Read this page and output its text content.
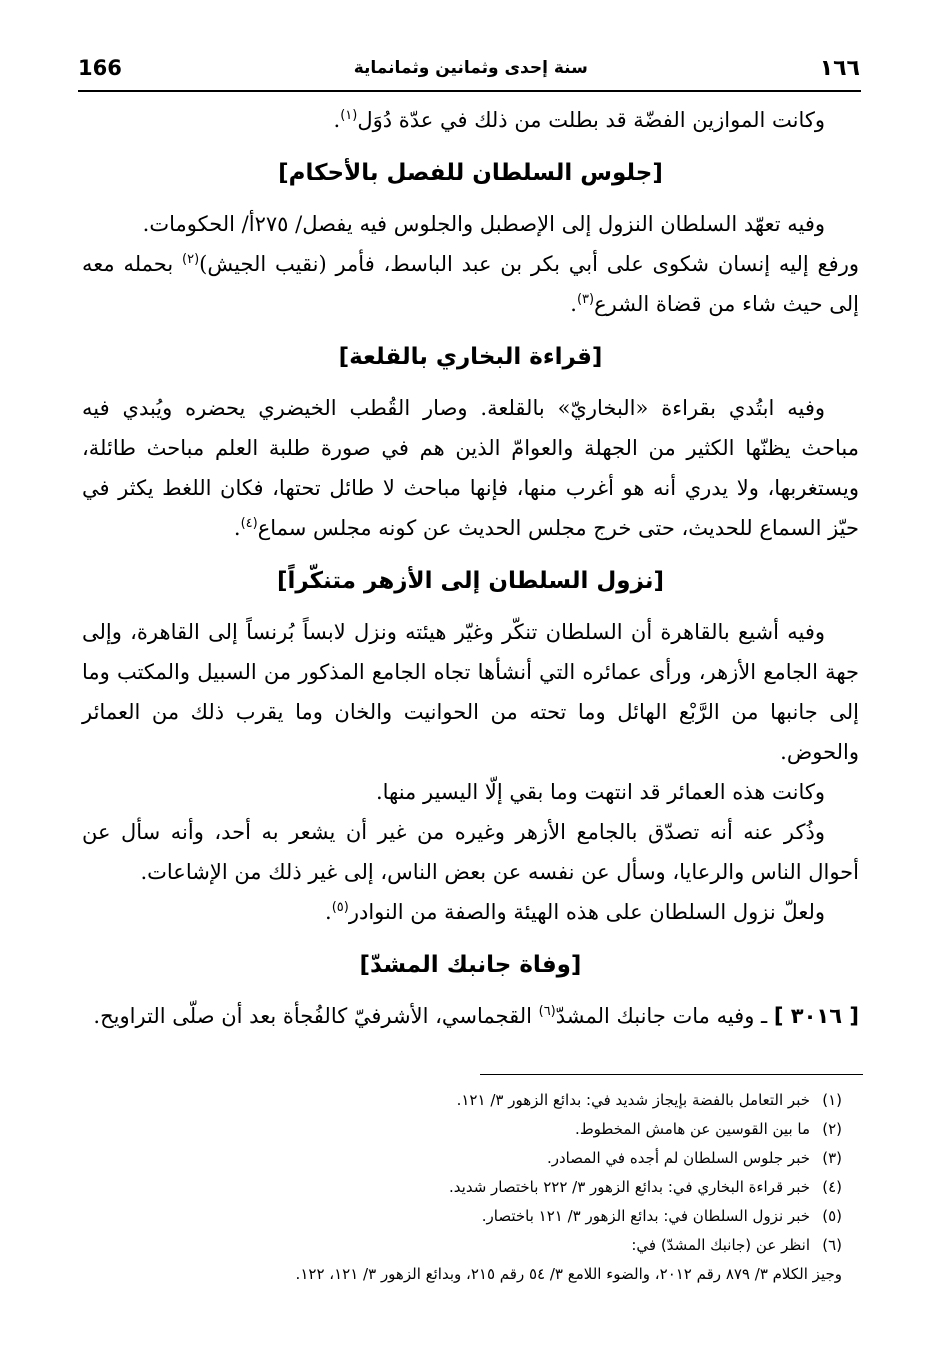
166	سنة إحدى وثمانين وثمانماية	١٦٦

وكانت الموازين الفضّة قد بطلت من ذلك في عدّة دُوَل$^{(١)}$.

[جلوس السلطان للفصل بالأحكام]

وفيه تعهّد السلطان النزول إلى الإصطبل والجلوس فيه يفصل/ ٢٧٥أ/ الحكومات.

ورفع إليه إنسان شكوى على أبي بكر بن عبد الباسط، فأمر (نقيب الجيش)$^{(٢)}$ بحمله معه إلى حيث شاء من قضاة الشرع$^{(٣)}$.

[قراءة البخاري بالقلعة]

وفيه ابتُدي بقراءة «البخاريّ» بالقلعة. وصار القُطب الخيضري يحضره ويُبدي فيه مباحث يظنّها الكثير من الجهلة والعوامّ الذين هم في صورة طلبة العلم مباحث طائلة، ويستغربها، ولا يدري أنه هو أغرب منها، فإنها مباحث لا طائل تحتها، فكان اللغط يكثر في حيّز السماع للحديث، حتى خرج مجلس الحديث عن كونه مجلس سماع$^{(٤)}$.

[نزول السلطان إلى الأزهر متنكّراً]

وفيه أشيع بالقاهرة أن السلطان تنكّر وغيّر هيئته ونزل لابساً بُرنساً إلى القاهرة، وإلى جهة الجامع الأزهر، ورأى عمائره التي أنشأها تجاه الجامع المذكور من السبيل والمكتب وما إلى جانبها من الرَّبْع الهائل وما تحته من الحوانيت والخان وما يقرب ذلك من العمائر والحوض.

وكانت هذه العمائر قد انتهت وما بقي إلّا اليسير منها.

وذُكر عنه أنه تصدّق بالجامع الأزهر وغيره من غير أن يشعر به أحد، وأنه سأل عن أحوال الناس والرعايا، وسأل عن نفسه عن بعض الناس، إلى غير ذلك من الإشاعات.

ولعلّ نزول السلطان على هذه الهيئة والصفة من النوادر$^{(٥)}$.

[وفاة جانبك المشدّ]

[ ٣٠١٦ ] ـ وفيه مات جانبك المشدّ$^{(٦)}$ القجماسي، الأشرفيّ كالفُجأة بعد أن صلّى التراويح.

(١)خبر التعامل بالفضة بإيجاز شديد في: بدائع الزهور ٣/ ١٢١.
(٢)ما بين القوسين عن هامش المخطوط.
(٣)خبر جلوس السلطان لم أجده في المصادر.
(٤)خبر قراءة البخاري في: بدائع الزهور ٣/ ٢٢٢ باختصار شديد.
(٥)خبر نزول السلطان في: بدائع الزهور ٣/ ١٢١ باختصار.
(٦)انظر عن (جانبك المشدّ) في:
وجيز الكلام ٣/ ٨٧٩ رقم ٢٠١٢، والضوء اللامع ٣/ ٥٤ رقم ٢١٥، وبدائع الزهور ٣/ ١٢١، ١٢٢.
